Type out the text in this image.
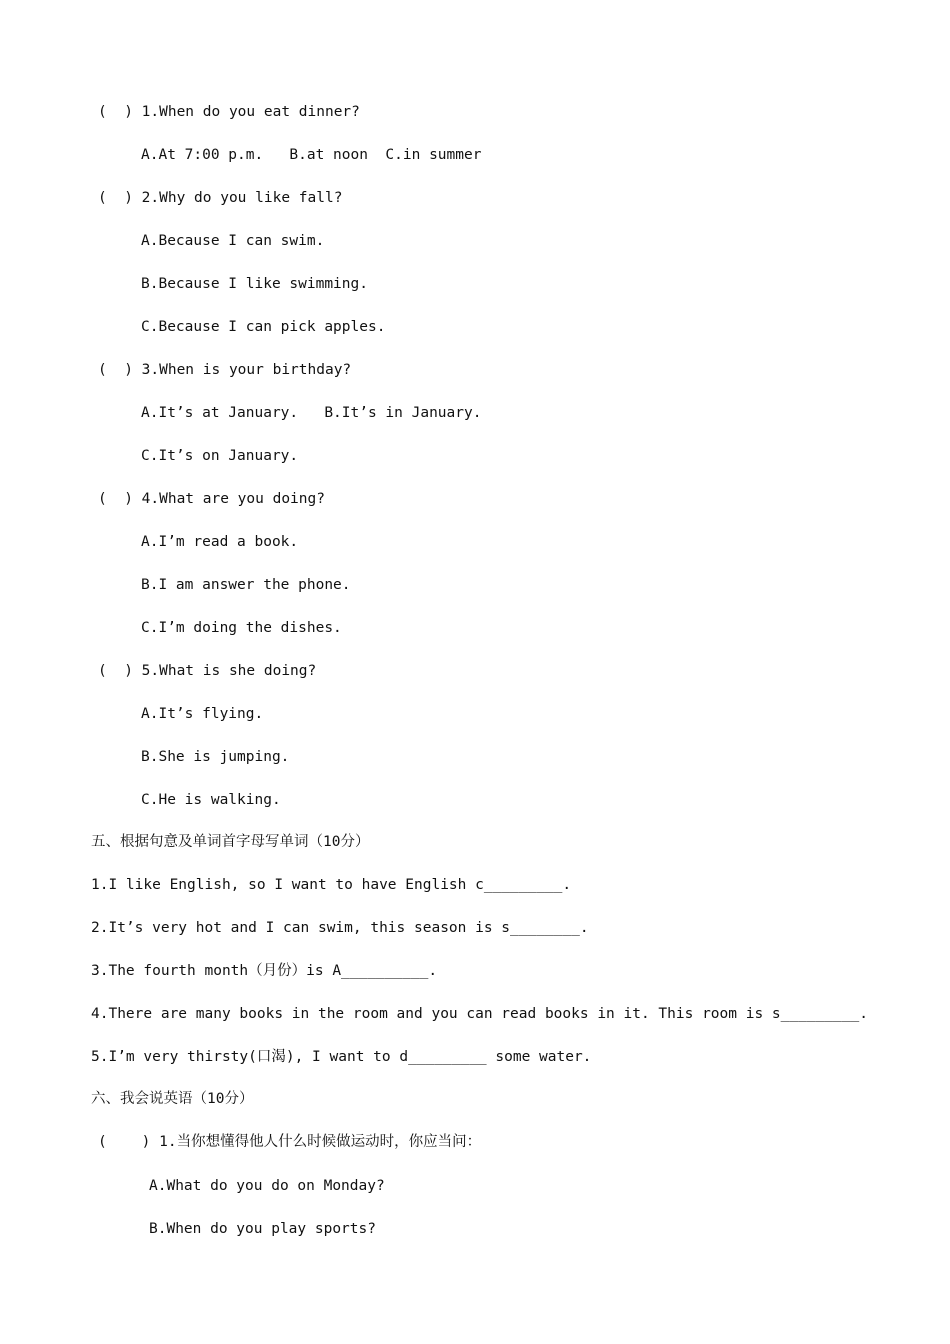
(  ) 1.When do you eat dinner?
A.At 7:00 p.m.   B.at noon  C.in summer
(  ) 2.Why do you like fall?
A.Because I can swim.
B.Because I like swimming.
C.Because I can pick apples.
(  ) 3.When is your birthday?
A.It’s at January.   B.It’s in January.
C.It’s on January.
(  ) 4.What are you doing?
A.I’m read a book.
B.I am answer the phone.
C.I’m doing the dishes.
(  ) 5.What is she doing?
A.It’s flying.
B.She is jumping.
C.He is walking.
五、根据句意及单词首字母写单词（10分）
1.I like English, so I want to have English c_________.
2.It’s very hot and I can swim, this season is s________.
3.The fourth month（月份）is A__________.
4.There are many books in the room and you can read books in it. This room is s_________.
5.I’m very thirsty(口渴), I want to d_________ some water.
六、我会说英语（10分）
(    ) 1.当你想懂得他人什么时候做运动时，你应当问：
A.What do you do on Monday?
B.When do you play sports?
